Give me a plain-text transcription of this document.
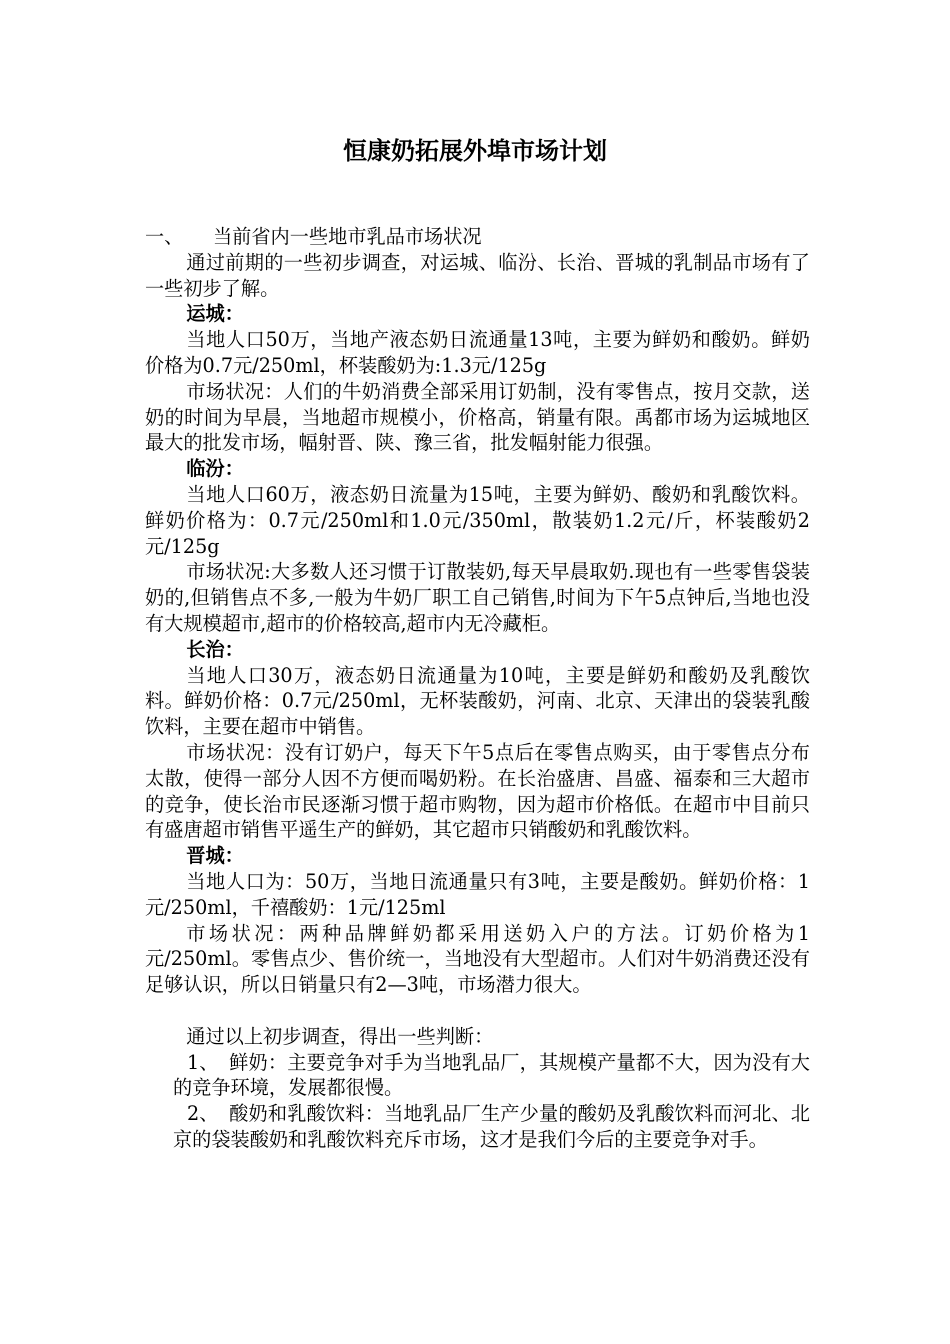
恒康奶拓展外埠市场计划

一、 当前省内一些地市乳品市场状况

通过前期的一些初步调查，对运城、临汾、长治、晋城的乳制品市场有了一些初步了解。

运城：

当地人口50万，当地产液态奶日流通量13吨，主要为鲜奶和酸奶。鲜奶价格为0.7元/250ml，杯装酸奶为:1.3元/125g

市场状况：人们的牛奶消费全部采用订奶制，没有零售点，按月交款，送奶的时间为早晨，当地超市规模小，价格高，销量有限。禹都市场为运城地区最大的批发市场，幅射晋、陕、豫三省，批发幅射能力很强。

临汾：

当地人口60万，液态奶日流量为15吨，主要为鲜奶、酸奶和乳酸饮料。鲜奶价格为：0.7元/250ml和1.0元/350ml，散装奶1.2元/斤，杯装酸奶2元/125g

市场状况:大多数人还习惯于订散装奶,每天早晨取奶.现也有一些零售袋装奶的,但销售点不多,一般为牛奶厂职工自己销售,时间为下午5点钟后,当地也没有大规模超市,超市的价格较高,超市内无冷藏柜。

长治：

当地人口30万，液态奶日流通量为10吨，主要是鲜奶和酸奶及乳酸饮料。鲜奶价格：0.7元/250ml，无杯装酸奶，河南、北京、天津出的袋装乳酸饮料，主要在超市中销售。

市场状况：没有订奶户，每天下午5点后在零售点购买，由于零售点分布太散，使得一部分人因不方便而喝奶粉。在长治盛唐、昌盛、福泰和三大超市的竞争，使长治市民逐渐习惯于超市购物，因为超市价格低。在超市中目前只有盛唐超市销售平遥生产的鲜奶，其它超市只销酸奶和乳酸饮料。

晋城：

当地人口为：50万，当地日流通量只有3吨，主要是酸奶。鲜奶价格：1元/250ml，千禧酸奶：1元/125ml

市场状况：两种品牌鲜奶都采用送奶入户的方法。订奶价格为1元/250ml。零售点少、售价统一，当地没有大型超市。人们对牛奶消费还没有足够认识，所以日销量只有2—3吨，市场潜力很大。

通过以上初步调查，得出一些判断：

1、 鲜奶：主要竞争对手为当地乳品厂，其规模产量都不大，因为没有大的竞争环境，发展都很慢。

2、 酸奶和乳酸饮料：当地乳品厂生产少量的酸奶及乳酸饮料而河北、北京的袋装酸奶和乳酸饮料充斥市场，这才是我们今后的主要竞争对手。
